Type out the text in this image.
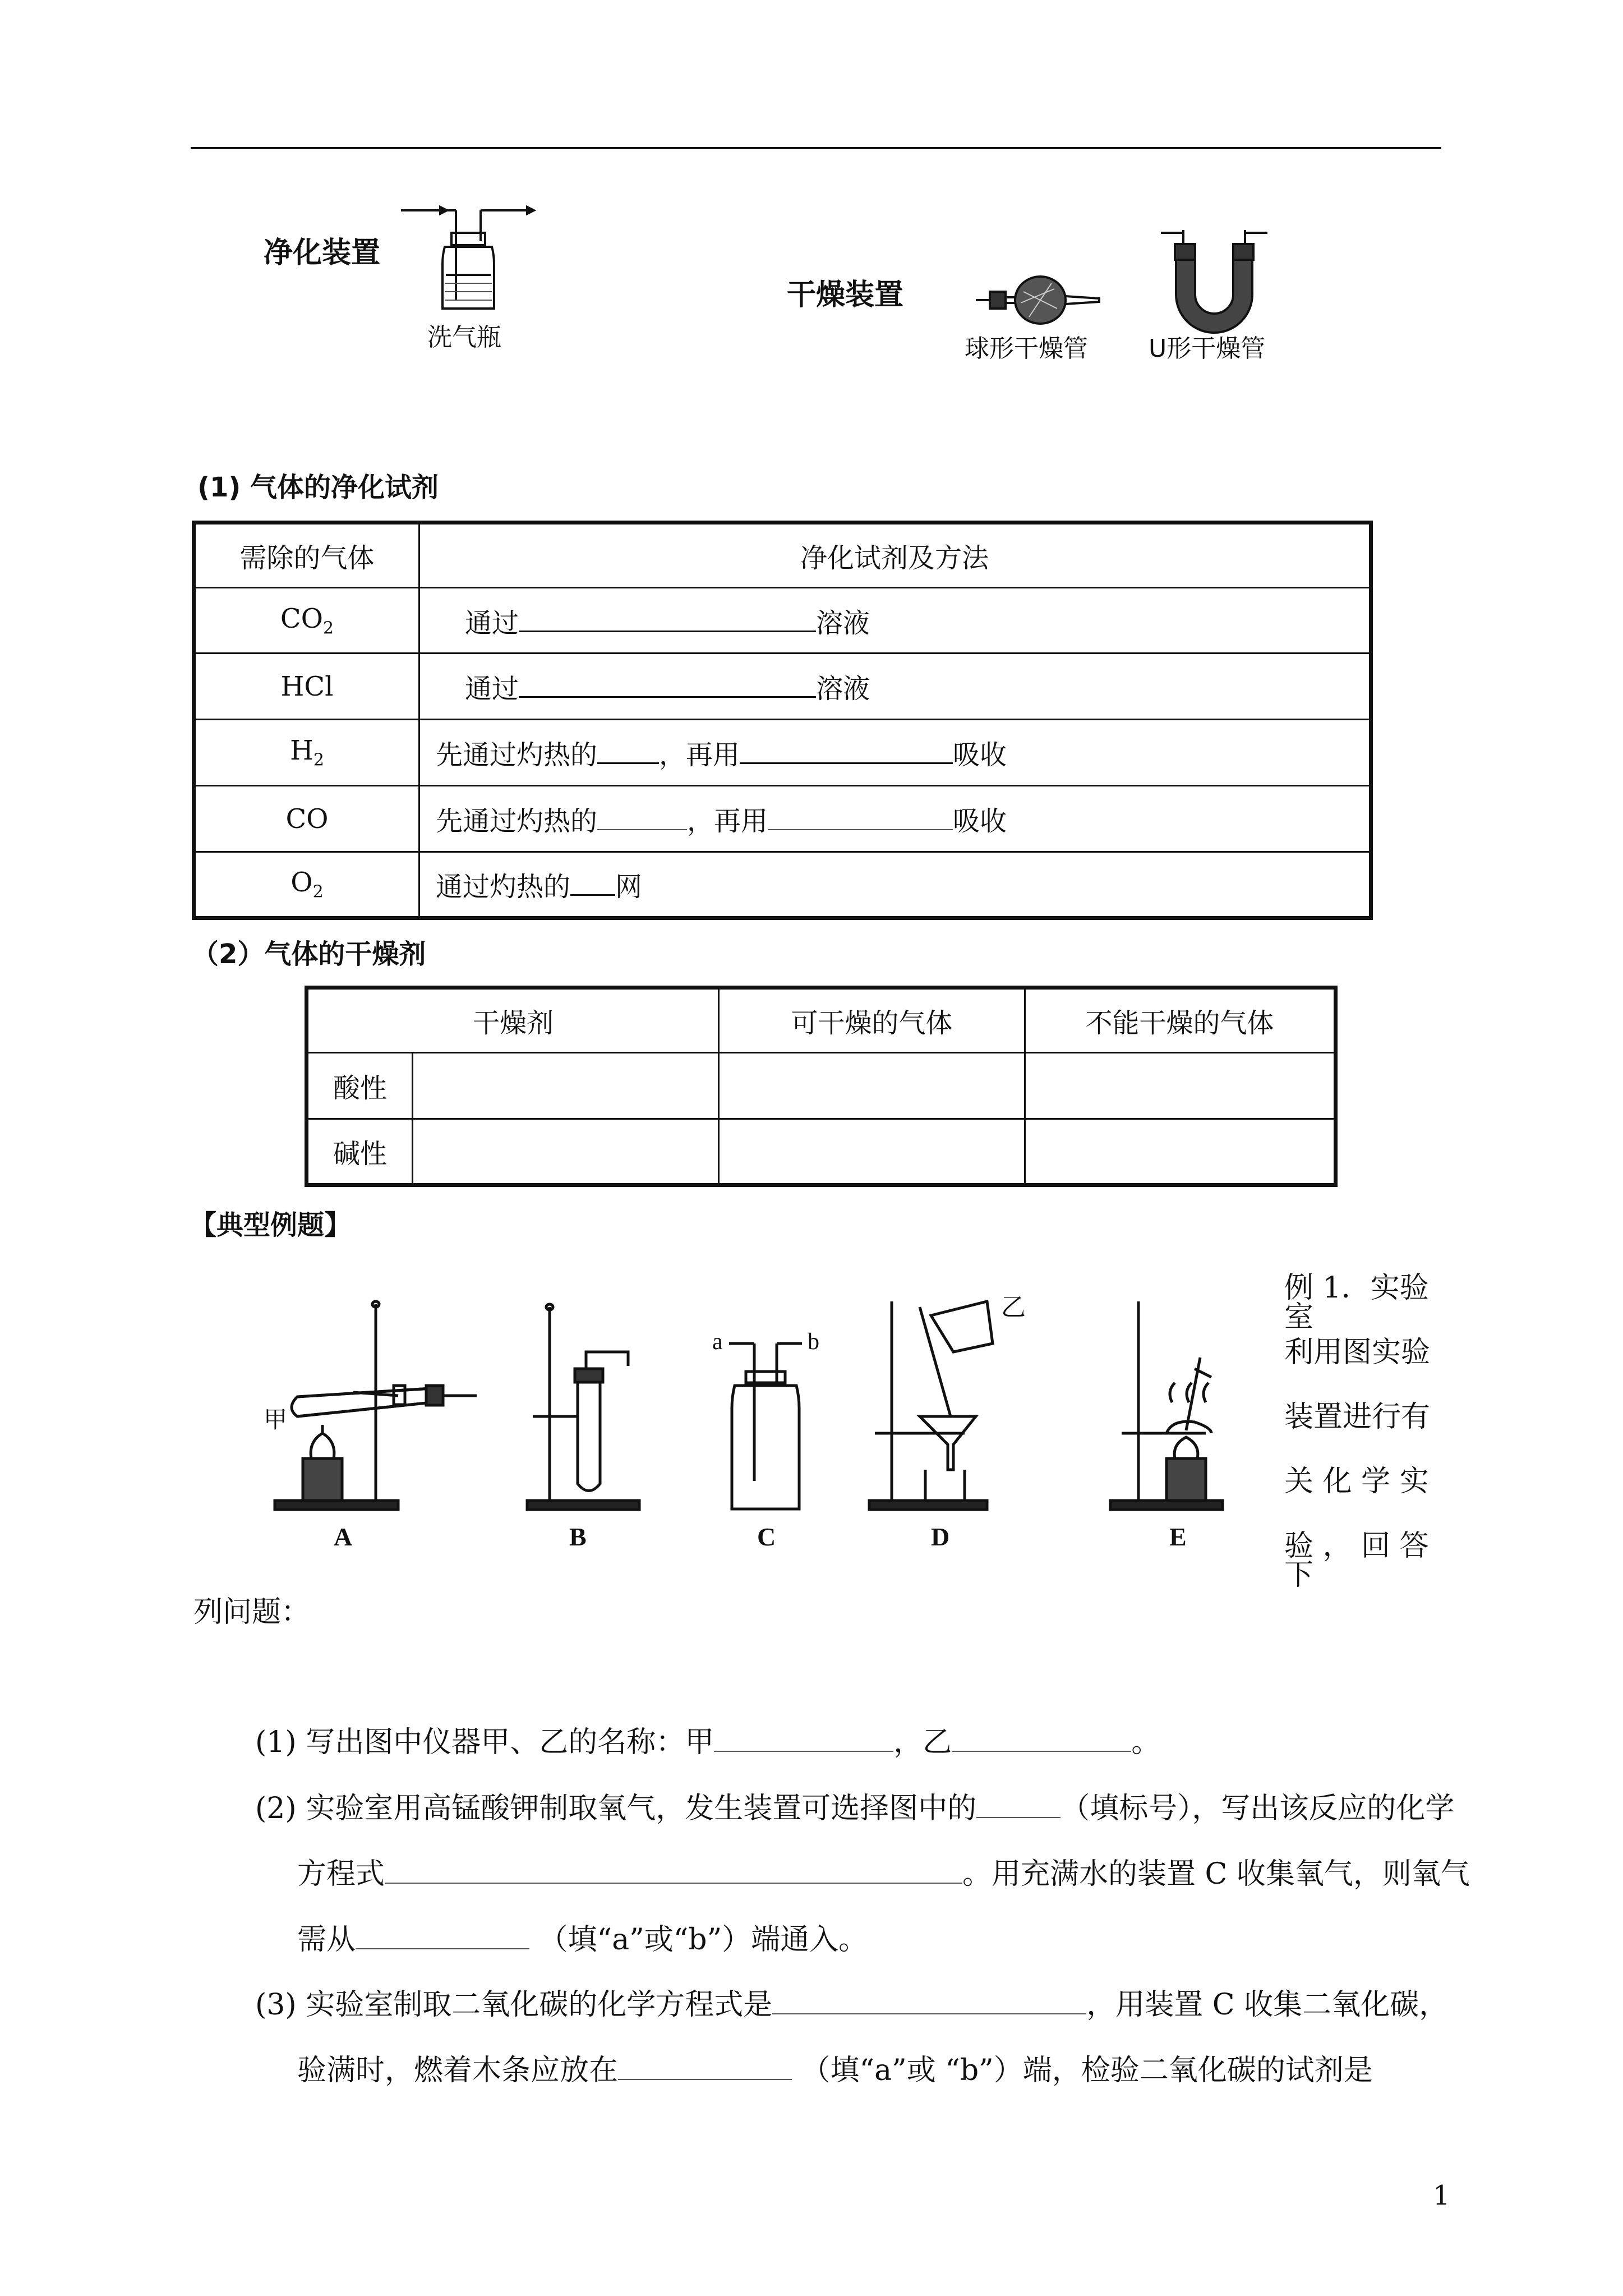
净化装置
洗气瓶
干燥装置
球形干燥管 U形干燥管
(1) 气体的净化试剂
需除的气体	净化试剂及方法
$CO_2$	通过 溶液
HCl	通过 溶液
$H_2$	先通过灼热的 ，再用 吸收
CO	先通过灼热的 ，再用 吸收
$O_2$	通过灼热的 网
（2）气体的干燥剂
干燥剂		可干燥的气体	不能干燥的气体
酸性			
碱性			
【典型例题】
a	b
乙
甲
A	B	C	D	E
例 1．实验室
利用图实验
装置进行有
关 化 学 实
验 ， 回 答 下
列问题：
(1) 写出图中仪器甲、乙的名称：甲	，乙	。
(2) 实验室用高锰酸钾制取氧气，发生装置可选择图中的	（填标号），写出该反应的化学
方程式	。用充满水的装置 C 收集氧气，则氧气
需从	（填“a”或“b”）端通入。
(3) 实验室制取二氧化碳的化学方程式是	，用装置 C 收集二氧化碳，
验满时，燃着木条应放在	（填“a”或 “b”）端，检验二氧化碳的试剂是
1
